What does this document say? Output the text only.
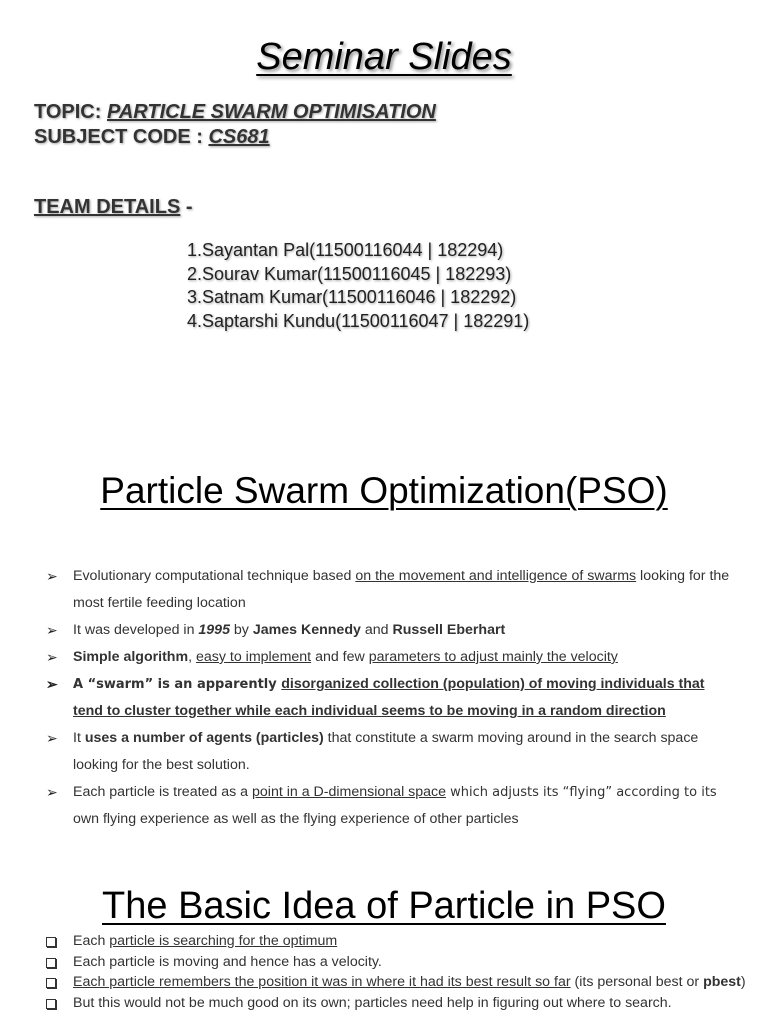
Seminar Slides
TOPIC: PARTICLE SWARM OPTIMISATION
SUBJECT CODE : CS681
TEAM DETAILS -
1.Sayantan Pal(11500116044 | 182294)
2.Sourav Kumar(11500116045 | 182293)
3.Satnam Kumar(11500116046 | 182292)
4.Saptarshi Kundu(11500116047 | 182291)
Particle Swarm Optimization(PSO)
➢ Evolutionary computational technique based on the movement and intelligence of swarms looking for the most fertile feeding location
➢ It was developed in 1995 by James Kennedy and Russell Eberhart
➢ Simple algorithm, easy to implement and few parameters to adjust mainly the velocity
➢ A “swarm” is an apparently disorganized collection (population) of moving individuals that tend to cluster together while each individual seems to be moving in a random direction
➢ It uses a number of agents (particles) that constitute a swarm moving around in the search space looking for the best solution.
➢ Each particle is treated as a point in a D-dimensional space which adjusts its “flying” according to its own flying experience as well as the flying experience of other particles
The Basic Idea of Particle in PSO
Each particle is searching for the optimum
Each particle is moving and hence has a velocity.
Each particle remembers the position it was in where it had its best result so far (its personal best or pbest)
But this would not be much good on its own; particles need help in figuring out where to search.
